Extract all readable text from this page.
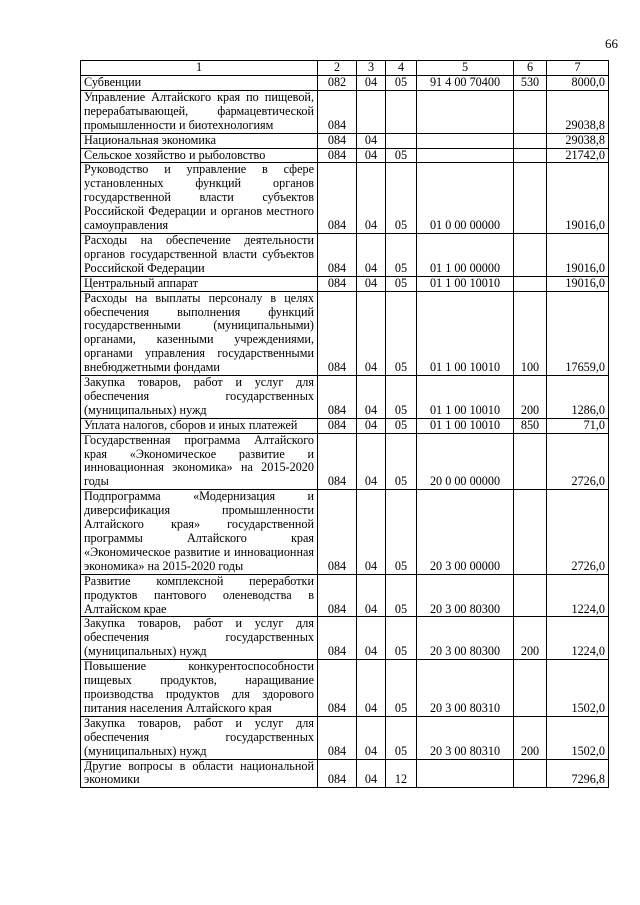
66
1	2	3	4	5	6	7
Субвенции	082	04	05	91 4 00 70400	530	8000,0
Управление Алтайского края по пищевой, перерабатывающей, фармацевтической промышленности и биотехнологиям	084					29038,8
Национальная экономика	084	04				29038,8
Сельское хозяйство и рыболовство	084	04	05			21742,0
Руководство и управление в сфере установленных функций органов государственной власти субъектов Российской Федерации и органов местного самоуправления	084	04	05	01 0 00 00000		19016,0
Расходы на обеспечение деятельности органов государственной власти субъектов Российской Федерации	084	04	05	01 1 00 00000		19016,0
Центральный аппарат	084	04	05	01 1 00 10010		19016,0
Расходы на выплаты персоналу в целях обеспечения выполнения функций государственными (муниципальными) органами, казенными учреждениями, органами управления государственными внебюджетными фондами	084	04	05	01 1 00 10010	100	17659,0
Закупка товаров, работ и услуг для обеспечения государственных (муниципальных) нужд	084	04	05	01 1 00 10010	200	1286,0
Уплата налогов, сборов и иных платежей	084	04	05	01 1 00 10010	850	71,0
Государственная программа Алтайского края «Экономическое развитие и инновационная экономика» на 2015-2020 годы	084	04	05	20 0 00 00000		2726,0
Подпрограмма «Модернизация и диверсификация промышленности Алтайского края» государственной программы Алтайского края «Экономическое развитие и инновационная экономика» на 2015-2020 годы	084	04	05	20 3 00 00000		2726,0
Развитие комплексной переработки продуктов пантового оленеводства в Алтайском крае	084	04	05	20 3 00 80300		1224,0
Закупка товаров, работ и услуг для обеспечения государственных (муниципальных) нужд	084	04	05	20 3 00 80300	200	1224,0
Повышение конкурентоспособности пищевых продуктов, наращивание производства продуктов для здорового питания населения Алтайского края	084	04	05	20 3 00 80310		1502,0
Закупка товаров, работ и услуг для обеспечения государственных (муниципальных) нужд	084	04	05	20 3 00 80310	200	1502,0
Другие вопросы в области национальной экономики	084	04	12			7296,8
